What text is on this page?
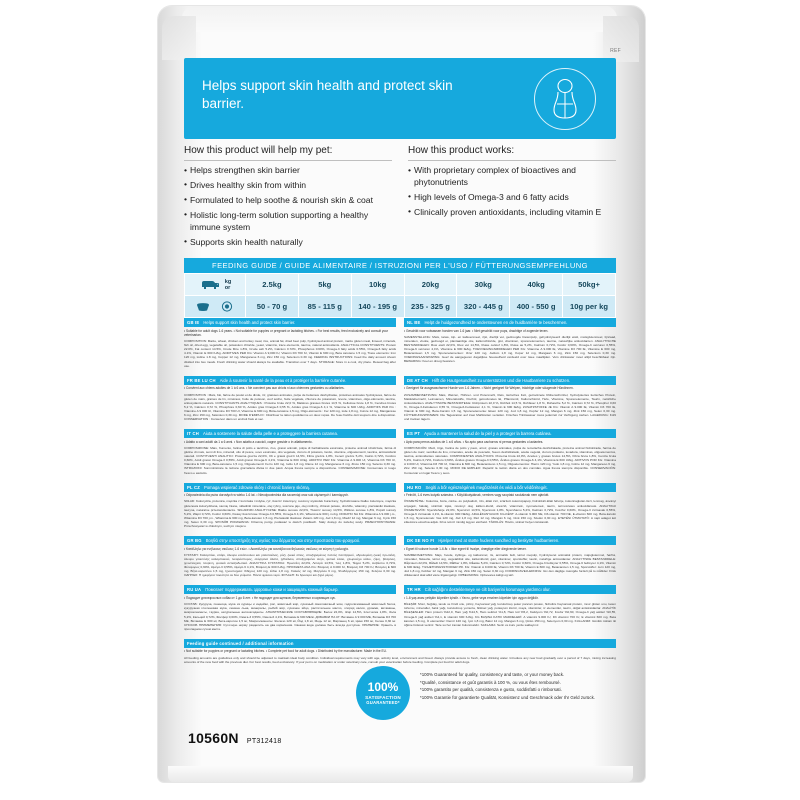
REF
Helps support skin health and protect skin barrier.
How this product will help my pet:
• Helps strengthen skin barrier
• Drives healthy skin from within
• Formulated to help soothe & nourish skin & coat
• Holistic long-term solution supporting a healthy immune system
• Supports skin health naturally
How this product works:
• With proprietary complex of bioactives and phytonutrients
• High levels of Omega-3 and 6 fatty acids
• Clinically proven antioxidants, including vitamin E
FEEDING GUIDE / GUIDE ALIMENTAIRE / ISTRUZIONI PER L'USO / FÜTTERUNGSEMPFEHLUNG
kg
or	2.5kg	5kg	10kg	20kg	30kg	40kg	50kg+

	50 - 70 g	85 - 115 g	140 - 195 g	235 - 325 g	320 - 445 g	400 - 550 g	10g per kg
GB IE Helps support skin health and protect skin barrier.
• Suitable for adult dogs 1-6 years. • Not suitable for puppies or pregnant or lactating bitches. • For best results, feed exclusively and consult your veterinarian.
COMPOSITION: Maize, wheat, chicken and turkey meal, rice, animal fat, dried beet pulp, hydrolysed animal protein, maize gluten meal, linseed, minerals, fish oil, dried egg, vegetable oil, potassium chloride, yeast, vitamins, trace elements, taurine, natural antioxidants. ANALYTICAL CONSTITUENTS: Protein 22.0%, Fat content 14.5%, Crude fibre 1.8%, Crude ash 5.2%, Calcium 0.72%, Phosphorus 0.60%, Omega-3 fatty acids 0.55%, Omega-6 fatty acids 4.1%, Vitamin E 600 IU/kg. ADDITIVES PER KG: Vitamin A 9,000 IU, Vitamin D3 700 IU, Vitamin E 600 mg, Beta carotene 1.5 mg, Trace elements: Iron 120 mg, Iodine 1.8 mg, Copper 12 mg, Manganese 6 mg, Zinc 150 mg, Selenium 0.30 mg. FEEDING INSTRUCTIONS: Feed the daily amount shown divided into two meals. Fresh drinking water should always be available. Transition over 7 days. STORAGE: Store in a cool, dry place. Reseal bag after use.
NL BE Helpt de huidgezondheid te ondersteunen en de huidbarrière te beschermen.
• Geschikt voor volwassen honden van 1-6 jaar. • Niet geschikt voor pups, drachtige of zogende teven.
SAMENSTELLING: Maïs, tarwe, kip- en kalkoenmeel, rijst, dierlijk vet, gedroogde bietenpulp, gehydrolyseerd dierlijk eiwit, maïsglutenmeel, lijnzaad, mineralen, visolie, gedroogd ei, plantaardige olie, kaliumchloride, gist, vitaminen, sporenelementen, taurine, natuurlijke antioxidanten. ANALYTISCHE BESTANDDELEN: Ruw eiwit 22,0%, Ruw vet 14,5%, Ruwe celstof 1,8%, Ruwe as 5,2%, Calcium 0,72%, Fosfor 0,60%, Omega-3 vetzuren 0,55%, Omega-6 vetzuren 4,1%, Vitamine E 600 IE/kg. TOEVOEGINGSMIDDELEN PER KG: Vitamine A 9.000 IE, Vitamine D3 700 IE, Vitamine E 600 mg, Bètacaroteen 1,5 mg, Sporenelementen: IJzer 120 mg, Jodium 1,8 mg, Koper 12 mg, Mangaan 6 mg, Zink 150 mg, Selenium 0,30 mg. VOEDINGSAANWIJZING: Geef de aangegeven dagelijkse hoeveelheid verdeeld over twee maaltijden. Vers drinkwater moet altijd beschikbaar zijn. BEWARING: Koel en droog bewaren.
FR BE LU CH Aide à soutenir la santé de la peau et à protéger la barrière cutanée.
• Convient aux chiens adultes de 1 à 6 ans. • Ne convient pas aux chiots ni aux chiennes gestantes ou allaitantes.
COMPOSITION : Maïs, blé, farine de poulet et de dinde, riz, graisses animales, pulpe de betterave déshydratée, protéines animales hydrolysées, farine de gluten de maïs, graines de lin, minéraux, huile de poisson, œuf séché, huile végétale, chlorure de potassium, levure, vitamines, oligo-éléments, taurine, antioxydants naturels. CONSTITUANTS ANALYTIQUES : Protéine brute 22,0 %, Matières grasses brutes 14,5 %, Cellulose brute 1,8 %, Cendres brutes 5,2 %, Calcium 0,72 %, Phosphore 0,60 %, Acides gras Oméga-3 0,55 %, Acides gras Oméga-6 4,1 %, Vitamine E 600 UI/kg. ADDITIFS PAR KG : Vitamine A 9 000 UI, Vitamine D3 700 UI, Vitamine E 600 mg, Bêta-carotène 1,5 mg, Oligo-éléments : Fer 120 mg, Iode 1,8 mg, Cuivre 12 mg, Manganèse 6 mg, Zinc 150 mg, Sélénium 0,30 mg. MODE D'EMPLOI : Distribuer la ration quotidienne en deux repas. De l'eau fraîche doit toujours être à disposition. CONSERVATION : Conserver dans un endroit frais et sec.
DE AT CH Hilft die Hautgesundheit zu unterstützen und die Hautbarriere zu schützen.
• Geeignet für ausgewachsene Hunde von 1-6 Jahren. • Nicht geeignet für Welpen, trächtige oder säugende Hündinnen.
ZUSAMMENSETZUNG: Mais, Weizen, Hühner- und Putenmehl, Reis, tierisches Fett, getrocknete Rübenschnitzel, hydrolysiertes tierisches Protein, Maisklebermehl, Leinsamen, Mineralstoffe, Fischöl, getrocknetes Ei, Pflanzenöl, Kaliumchlorid, Hefe, Vitamine, Spurenelemente, Taurin, natürliche Antioxidantien. ANALYTISCHE BESTANDTEILE: Rohprotein 22,0 %, Rohfett 14,5 %, Rohfaser 1,8 %, Rohasche 5,2 %, Calcium 0,72 %, Phosphor 0,60 %, Omega-3-Fettsäuren 0,55 %, Omega-6-Fettsäuren 4,1 %, Vitamin E 600 IE/kg. ZUSATZSTOFFE JE KG: Vitamin A 9.000 IE, Vitamin D3 700 IE, Vitamin E 600 mg, Beta-Carotin 1,5 mg, Spurenelemente: Eisen 120 mg, Jod 1,8 mg, Kupfer 12 mg, Mangan 6 mg, Zink 150 mg, Selen 0,30 mg. FÜTTERUNGSHINWEIS: Die Tagesration auf zwei Mahlzeiten verteilen. Frisches Trinkwasser muss jederzeit zur Verfügung stehen. LAGERUNG: Kühl und trocken lagern.
IT CH Aiuta a sostenere la salute della pelle e a proteggere la barriera cutanea.
• Adatto a cani adulti da 1 a 6 anni. • Non adatto a cuccioli, cagne gravide o in allattamento.
COMPOSIZIONE: Mais, frumento, farina di pollo e tacchino, riso, grassi animali, polpa di barbabietola essiccata, proteine animali idrolizzate, farina di glutine di mais, semi di lino, minerali, olio di pesce, uovo essiccato, olio vegetale, cloruro di potassio, lievito, vitamine, oligoelementi, taurina, antiossidanti naturali. COSTITUENTI ANALITICI: Proteina grezza 22,0%, Oli e grassi grezzi 14,5%, Fibra grezza 1,8%, Ceneri grezze 5,2%, Calcio 0,72%, Fosforo 0,60%, Acidi grassi Omega-3 0,55%, Acidi grassi Omega-6 4,1%, Vitamina E 600 UI/kg. ADDITIVI PER KG: Vitamina A 9.000 UI, Vitamina D3 700 UI, Vitamina E 600 mg, Beta-carotene 1,5 mg, Oligoelementi: Ferro 120 mg, Iodio 1,8 mg, Rame 12 mg, Manganese 6 mg, Zinco 150 mg, Selenio 0,30 mg. ISTRUZIONI: Somministrare la razione giornaliera divisa in due pasti. Acqua fresca sempre a disposizione. CONSERVAZIONE: Conservare in luogo fresco e asciutto.
ES PT Ayuda a mantener la salud de la piel y a proteger la barrera cutánea.
• Apto para perros adultos de 1 a 6 años. • No apto para cachorros ni perras gestantes o lactantes.
COMPOSICIÓN: Maíz, trigo, harina de pollo y pavo, arroz, grasas animales, pulpa de remolacha deshidratada, proteína animal hidrolizada, harina de gluten de maíz, semillas de lino, minerales, aceite de pescado, huevo deshidratado, aceite vegetal, cloruro potásico, levadura, vitaminas, oligoelementos, taurina, antioxidantes naturales. COMPONENTES ANALÍTICOS: Proteína bruta 22,0%, Aceites y grasas brutos 14,5%, Fibra bruta 1,8%, Ceniza bruta 5,2%, Calcio 0,72%, Fósforo 0,60%, Ácidos grasos Omega-3 0,55%, Ácidos grasos Omega-6 4,1%, Vitamina E 600 UI/kg. ADITIVOS POR KG: Vitamina A 9.000 UI, Vitamina D3 700 UI, Vitamina E 600 mg, Betacaroteno 1,5 mg, Oligoelementos: Hierro 120 mg, Yodo 1,8 mg, Cobre 12 mg, Manganeso 6 mg, Zinc 150 mg, Selenio 0,30 mg. MODO DE EMPLEO: Repartir la ración diaria en dos comidas. Agua fresca siempre disponible. CONSERVACIÓN: Conservar en lugar fresco y seco.
PL CZ Pomaga wspierać zdrowie skóry i chronić barierę skórną.
• Odpowiednia dla psów dorosłych w wieku 1-6 lat. • Nieodpowiednia dla szczeniąt oraz suk ciężarnych i karmiących.
SKŁAD: Kukurydza, pszenica, mączka z kurczaka i indyka, ryż, tłuszcz zwierzęcy, suszony wysłodek buraczany, hydrolizowane białko zwierzęce, mączka glutenowa kukurydziana, siemię lniane, składniki mineralne, olej rybny, suszone jajo, olej roślinny, chlorek potasu, drożdże, witaminy, pierwiastki śladowe, tauryna, naturalne przeciwutleniacze. SKŁADNIKI ANALITYCZNE: Białko surowe 22,0%, Tłuszcz surowy 14,5%, Włókno surowe 1,8%, Popiół surowy 5,2%, Wapń 0,72%, Fosfor 0,60%, Kwasy tłuszczowe Omega-3 0,55%, Omega-6 4,1%, Witamina E 600 j.m./kg. DODATKI NA KG: Witamina A 9.000 j.m., Witamina D3 700 j.m., Witamina E 600 mg, Beta-karoten 1,5 mg, Pierwiastki śladowe: Żelazo 120 mg, Jod 1,8 mg, Miedź 12 mg, Mangan 6 mg, Cynk 150 mg, Selen 0,30 mg. SPOSÓB PODAWANIA: Dzienną porcję podawać w dwóch posiłkach. Stały dostęp do świeżej wody. PRZECHOWYWANIE: Przechowywać w chłodnym, suchym miejscu.
HU RO Segíti a bőr egészségének megőrzését és védi a bőr védőrétegét.
• Felnőtt, 1-6 éves kutyák számára. • Kölyökkutyáknak, vemhes vagy szoptató szukáknak nem ajánlott.
ÖSSZETÉTEL: Kukorica, búza, csirke- és pulykaliszt, rizs, állati zsír, szárított cukorrépapép, hidrolizált állati fehérje, kukoricaglutén-liszt, lenmag, ásványi anyagok, halolaj, szárított tojás, növényi olaj, kálium-klorid, élesztő, vitaminok, nyomelemek, taurin, természetes antioxidánsok. ANALITIKAI ÖSSZETEVŐK: Nyersfehérje 22,0%, Nyerszsír 14,5%, Nyersrost 1,8%, Nyershamu 5,2%, Kalcium 0,72%, Foszfor 0,60%, Omega-3 zsírsavak 0,55%, Omega-6 zsírsavak 4,1%, E-vitamin 600 NE/kg. ADALÉKANYAGOK KG-KÉNT: A-vitamin 9.000 NE, D3-vitamin 700 NE, E-vitamin 600 mg, Béta-karotin 1,5 mg, Nyomelemek: Vas 120 mg, Jód 1,8 mg, Réz 12 mg, Mangán 6 mg, Cink 150 mg, Szelén 0,30 mg. ETETÉSI ÚTMUTATÓ: A napi adagot két étkezésre elosztva adjuk. Friss ivóvíz mindig legyen elérhető. TÁROLÁS: Hűvös, száraz helyen tárolandó.
GR BG Βοηθά στην υποστήριξη της υγείας του δέρματος και στην προστασία του φραγμού.
• Κατάλληλο για ενήλικους σκύλους 1-6 ετών. • Ακατάλληλο για κουτάβια και θηλυκούς σκύλους σε κύηση ή γαλουχία.
ΣΥΣΤΑΣΗ: Καλαμπόκι, σιτάρι, άλευρο κοτόπουλου και γαλοπούλας, ρύζι, ζωικό λίπος, αποξηραμένος πολτός παντζαριού, υδρολυμένη ζωική πρωτεΐνη, άλευρο γλουτένης καλαμποκιού, λιναρόσπορος, ανόργανα άλατα, ιχθυέλαιο, αποξηραμένο αυγό, φυτικό έλαιο, χλωριούχο κάλιο, ζύμη, βιταμίνες, ιχνοστοιχεία, ταυρίνη, φυσικά αντιοξειδωτικά. ΑΝΑΛΥΤΙΚΑ ΣΥΣΤΑΤΙΚΑ: Πρωτεΐνη 22,0%, Λιπαρά 14,5%, Ίνες 1,8%, Τέφρα 5,2%, Ασβέστιο 0,72%, Φώσφορος 0,60%, Ωμέγα-3 0,55%, Ωμέγα-6 4,1%, Βιταμίνη E 600 IU/kg. ΠΡΟΣΘΕΤΑ ΑΝΑ KG: Βιταμίνη A 9.000 IU, Βιταμίνη D3 700 IU, Βιταμίνη E 600 mg, Βήτα-καροτένιο 1,5 mg, Ιχνοστοιχεία: Σίδηρος 120 mg, Ιώδιο 1,8 mg, Χαλκός 12 mg, Μαγγάνιο 6 mg, Ψευδάργυρος 150 mg, Σελήνιο 0,30 mg. ΟΔΗΓΙΕΣ: Η ημερήσια ποσότητα σε δύο γεύματα. Πάντα φρέσκο νερό. ΦΥΛΑΞΗ: Σε δροσερό και ξηρό μέρος.
DK SE NO FI Hjælper med at støtte hudens sundhed og beskytte hudbarrieren.
• Egnet til voksne hunde 1-6 år. • Ikke egnet til hvalpe, drægtige eller diegivende tæver.
SAMMENSÆTNING: Majs, hvede, kyllinge- og kalkunmel, ris, animalsk fedt, tørret roepulp, hydrolyseret animalsk protein, majsglutenmel, hørfrø, mineraler, fiskeolie, tørret æg, vegetabilsk olie, kaliumklorid, gær, vitaminer, sporstoffer, taurin, naturlige antioxidanter. ANALYTISKE BESTANDDELE: Råprotein 22,0%, Råfedt 14,5%, Råfiber 1,8%, Råaske 5,2%, Calcium 0,72%, Fosfor 0,60%, Omega-3 fedtsyrer 0,55%, Omega-6 fedtsyrer 4,1%, Vitamin E 600 IE/kg. TILSÆTNINGSSTOFFER PR. KG: Vitamin A 9.000 IE, Vitamin D3 700 IE, Vitamin E 600 mg, Betacaroten 1,5 mg, Sporstoffer: Jern 120 mg, Jod 1,8 mg, Kobber 12 mg, Mangan 6 mg, Zink 150 mg, Selen 0,30 mg. FODRINGSVEJLEDNING: Giv den daglige mængde fordelt på to måltider. Frisk drikkevand skal altid være tilgængeligt. OPBEVARING: Opbevares køligt og tørt.
RU UA Помогает поддерживать здоровье кожи и защищать кожный барьер.
• Подходит для взрослых собак от 1 до 6 лет. • Не подходит для щенков, беременных и кормящих сук.
СОСТАВ: Кукуруза, пшеница, мука из курицы и индейки, рис, животный жир, сушёный свекловичный жом, гидролизованный животный белок, кукурузная глютеновая мука, семена льна, минералы, рыбий жир, сушёное яйцо, растительное масло, хлорид калия, дрожжи, витамины, микроэлементы, таурин, натуральные антиоксиданты. АНАЛИТИЧЕСКИЕ СОСТАВЛЯЮЩИЕ: Белок 22,0%, Жир 14,5%, Клетчатка 1,8%, Зола 5,2%, Кальций 0,72%, Фосфор 0,60%, Омега-3 0,55%, Омега-6 4,1%, Витамин Е 600 МЕ/кг. ДОБАВКИ НА КГ: Витамин А 9 000 МЕ, Витамин D3 700 МЕ, Витамин Е 600 мг, Бета-каротин 1,5 мг, Микроэлементы: Железо 120 мг, Йод 1,8 мг, Медь 12 мг, Марганец 6 мг, Цинк 150 мг, Селен 0,30 мг. СПОСОБ ПРИМЕНЕНИЯ: Суточную норму разделить на два кормления. Свежая вода должна быть всегда доступна. ХРАНЕНИЕ: Хранить в прохладном сухом месте.
TR HR Cilt sağlığını desteklemeye ve cilt bariyerini korumaya yardımcı olur.
• 1-6 yaş arası yetişkin köpekler içindir. • Yavru, gebe veya emziren köpekler için uygun değildir.
BİLEŞİM: Mısır, buğday, tavuk ve hindi unu, pirinç, hayvansal yağ, kurutulmuş şeker pancarı posası, hidrolize hayvansal protein, mısır glüten unu, keten tohumu, mineraller, balık yağı, kurutulmuş yumurta, bitkisel yağ, potasyum klorür, maya, vitaminler, iz elementler, taurin, doğal antioksidanlar. ANALİTİK BİLEŞENLER: Ham protein %22,0, Ham yağ %14,5, Ham selüloz %1,8, Ham kül %5,2, Kalsiyum %0,72, Fosfor %0,60, Omega-3 yağ asitleri %0,55, Omega-6 yağ asitleri %4,1, E vitamini 600 IU/kg. KG BAŞINA KATKI MADDELERİ: A vitamini 9.000 IU, D3 vitamini 700 IU, E vitamini 600 mg, Beta karoten 1,5 mg, İz elementler: Demir 120 mg, İyot 1,8 mg, Bakır 12 mg, Mangan 6 mg, Çinko 150 mg, Selenyum 0,30 mg. KULLANIM: Günlük miktarı iki öğüne bölerek veriniz. Taze su her zaman bulunmalıdır. SAKLAMA: Serin ve kuru yerde saklayınız.
Feeding guide continued / additional information
• Not suitable for puppies or pregnant or lactating bitches. • Complete pet food for adult dogs. • Distributed by the manufacturer. Made in the EU.
All feeding amounts are guidelines only and should be adjusted to maintain ideal body condition. Individual requirements may vary with age, activity level, environment and breed. Always provide access to fresh, clean drinking water. Introduce any new food gradually over a period of 7 days, mixing increasing amounts of the new food with the previous diet. For best results, feed exclusively. If your pet is on medication or under veterinary care, consult your veterinarian before feeding. Complete pet food for adult dogs.
100%
SATISFACTION
GUARANTEED*
*100% Guaranteed for quality, consistency and taste, or your money back.
*Qualité, consistance et goût garantis à 100 %, ou vous êtes remboursé.
*100% garantito per qualità, consistenza e gusto, soddisfatti o rimborsati.
*100% Garantie für garantierte Qualität, Konsistenz und Geschmack oder Ihr Geld zurück.
10560N PT312418
